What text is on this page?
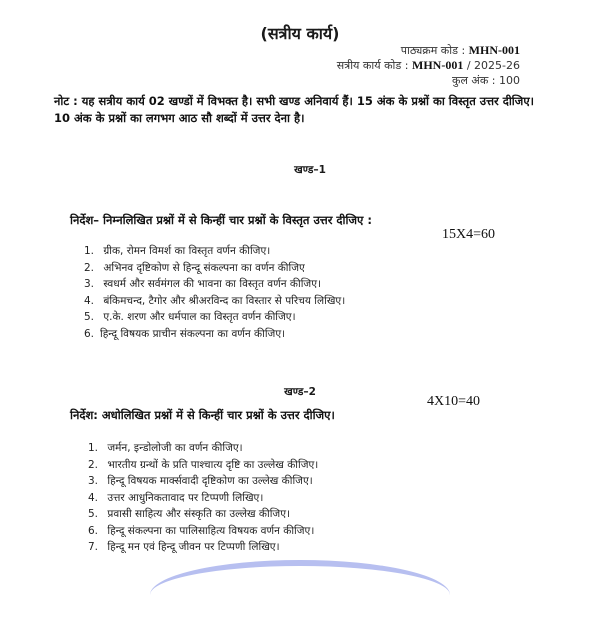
(सत्रीय कार्य)
पाठ्यक्रम कोड : MHN-001
सत्रीय कार्य कोड : MHN-001 / 2025-26
कुल अंक : 100
नोट : यह सत्रीय कार्य 02 खण्डों में विभक्त है। सभी खण्ड अनिवार्य हैं। 15 अंक के प्रश्नों का विस्तृत उत्तर दीजिए। 10 अंक के प्रश्नों का लगभग आठ सौ शब्दों में उत्तर देना है।
खण्ड–1
निर्देश– निम्नलिखित प्रश्नों में से किन्हीं चार प्रश्नों के विस्तृत उत्तर दीजिए :
15X4=60
1. ग्रीक, रोमन विमर्श का विस्तृत वर्णन कीजिए।
2. अभिनव दृष्टिकोण से हिन्दू संकल्पना का वर्णन कीजिए
3. स्वधर्म और सर्वमंगल की भावना का विस्तृत वर्णन कीजिए।
4. बंकिमचन्द, टैगोर और श्रीअरविन्द का विस्तार से परिचय लिखिए।
5. ए.के. शरण और धर्मपाल का विस्तृत वर्णन कीजिए।
6. हिन्दू विषयक प्राचीन संकल्पना का वर्णन कीजिए।
खण्ड–2
4X10=40
निर्देश: अधोलिखित प्रश्नों में से किन्हीं चार प्रश्नों के उत्तर दीजिए।
1. जर्मन, इन्डोलोजी का वर्णन कीजिए।
2. भारतीय ग्रन्थों के प्रति पाश्चात्य दृष्टि का उल्लेख कीजिए।
3. हिन्दू विषयक मार्क्सवादी दृष्टिकोण का उल्लेख कीजिए।
4. उत्तर आधुनिकतावाद पर टिप्पणी लिखिए।
5. प्रवासी साहित्य और संस्कृति का उल्लेख कीजिए।
6. हिन्दू संकल्पना का पालिसाहित्य विषयक वर्णन कीजिए।
7. हिन्दू मन एवं हिन्दू जीवन पर टिप्पणी लिखिए।
